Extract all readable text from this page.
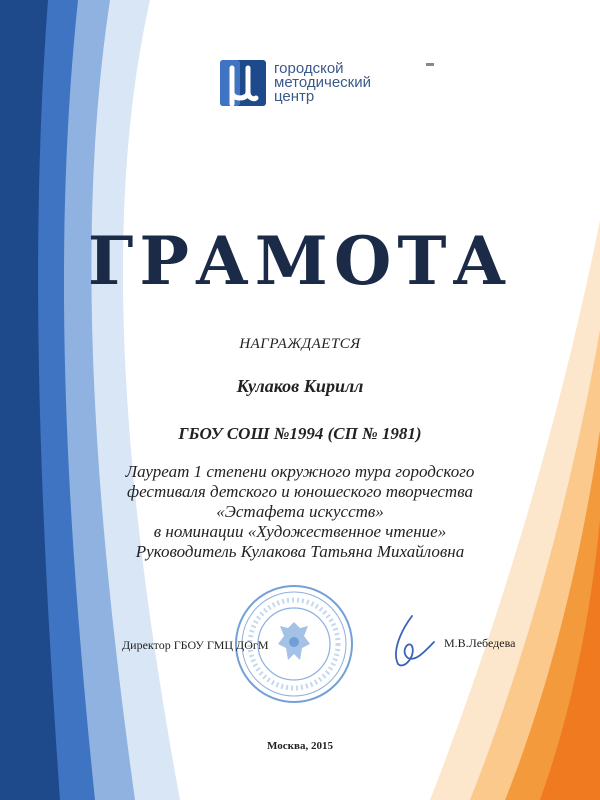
городской
методический
центр
ГРАМОТА
НАГРАЖДАЕТСЯ
Кулаков Кирилл
ГБОУ СОШ №1994 (СП № 1981)
Лауреат 1 степени окружного тура городского
фестиваля детского и юношеского творчества
«Эстафета искусств»
в номинации «Художественное чтение»
Руководитель Кулакова Татьяна Михайловна
Директор ГБОУ ГМЦ ДОгМ	М.В.Лебедева
Москва, 2015
